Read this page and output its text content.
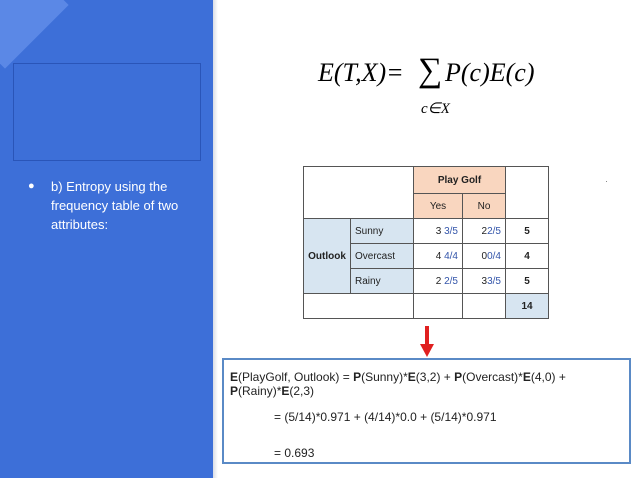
● b) Entropy using the frequency table of two attributes:
E(T,X)= ∑
c∈X
P(c)E(c)
		Play Golf		
		Yes	No	
Outlook	Sunny	3 3/5	22/5	5
	Overcast	4 4/4	00/4	4
	Rainy	2 2/5	33/5	5
				14
E(PlayGolf, Outlook) = P(Sunny)*E(3,2) + P(Overcast)*E(4,0) + P(Rainy)*E(2,3)
= (5/14)*0.971 + (4/14)*0.0 + (5/14)*0.971
= 0.693
